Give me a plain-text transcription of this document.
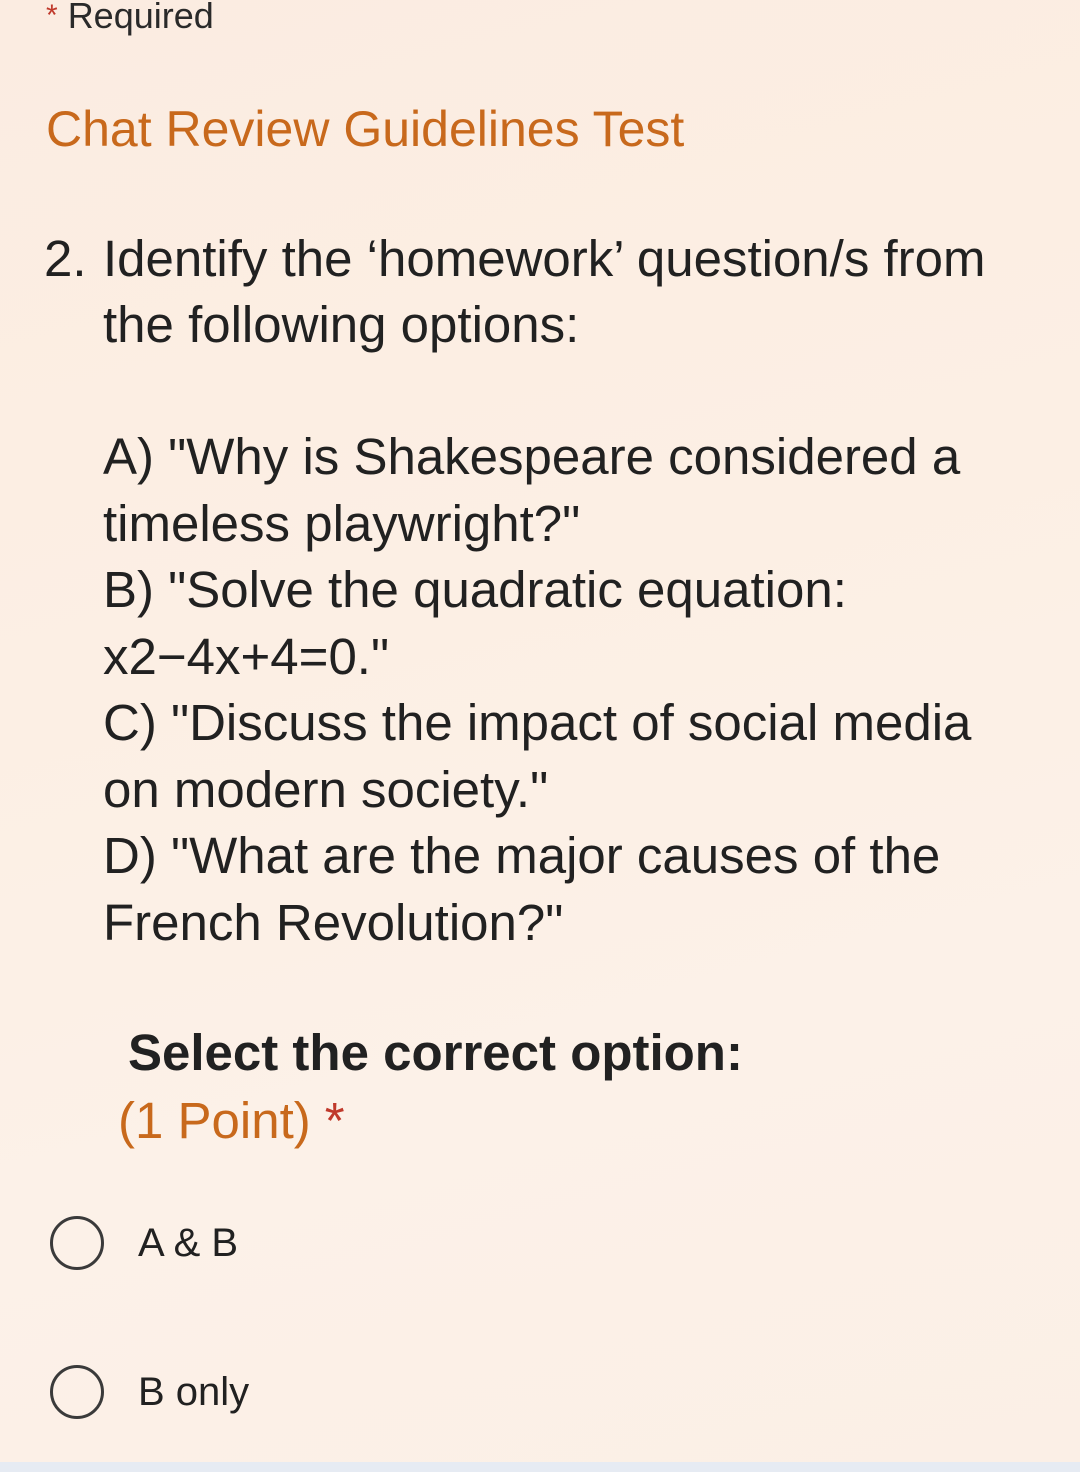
* Required
Chat Review Guidelines Test
2. Identify the ‘homework’ question/s from the following options:

A) "Why is Shakespeare considered a timeless playwright?"

B) "Solve the quadratic equation: x2−4x+4=0."

C) "Discuss the impact of social media on modern society."

D) "What are the major causes of the French Revolution?"

Select the correct option:
(1 Point) *
A & B
B only
